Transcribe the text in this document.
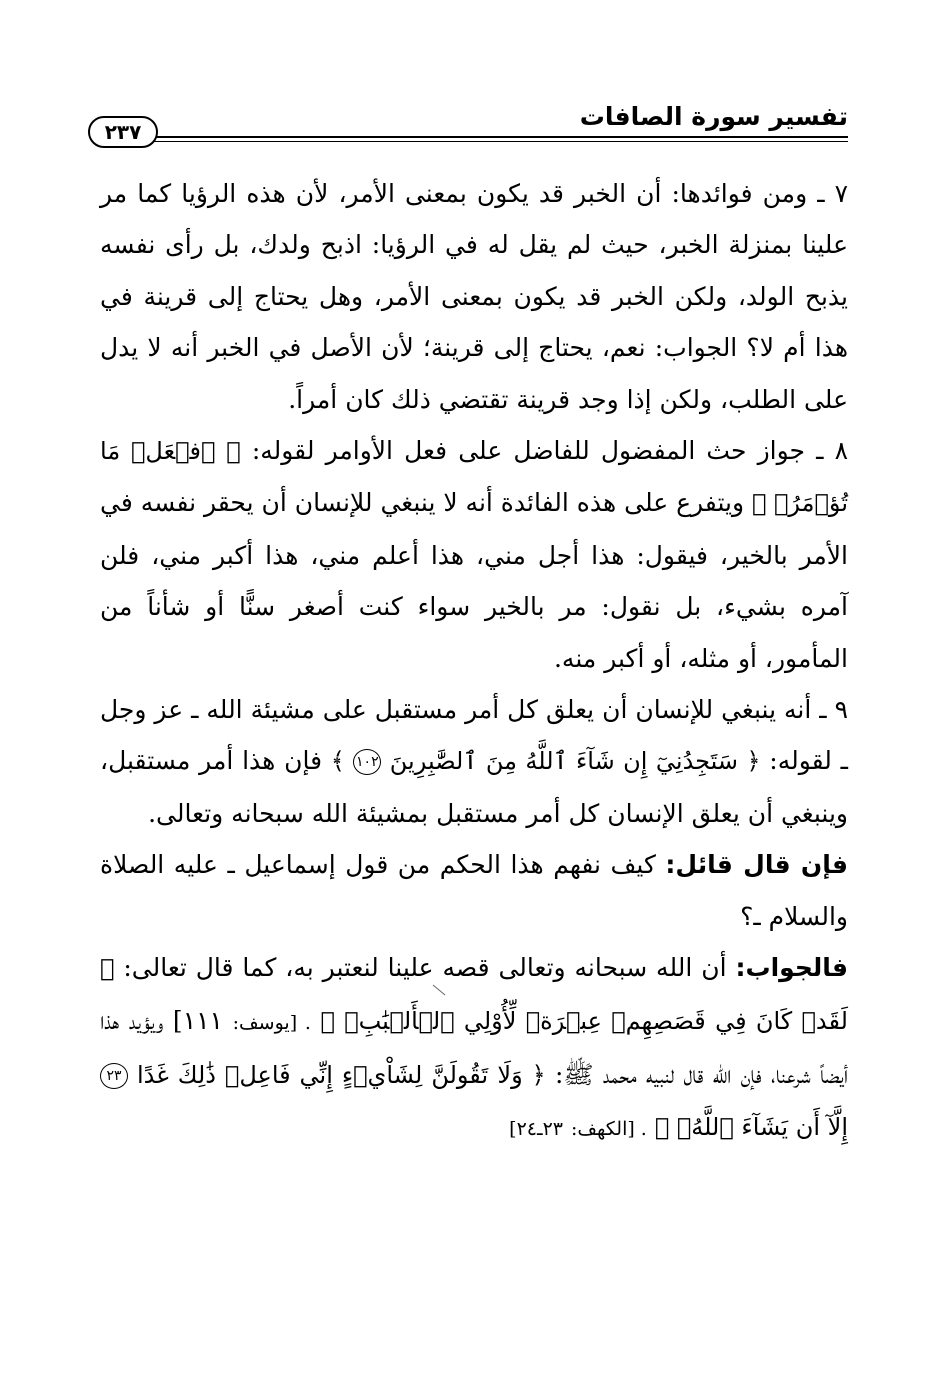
تفسير سورة الصافات
٢٣٧
٧ ـ ومن فوائدها: أن الخبر قد يكون بمعنى الأمر، لأن هذه الرؤيا كما مر علينا بمنزلة الخبر، حيث لم يقل له في الرؤيا: اذبح ولدك، بل رأى نفسه يذبح الولد، ولكن الخبر قد يكون بمعنى الأمر، وهل يحتاج إلى قرينة في هذا أم لا؟ الجواب: نعم، يحتاج إلى قرينة؛ لأن الأصل في الخبر أنه لا يدل على الطلب، ولكن إذا وجد قرينة تقتضي ذلك كان أمراً.
٨ ـ جواز حث المفضول للفاضل على فعل الأوامر لقوله: ﴿ ٱفۡعَلۡ مَا تُؤۡمَرُۖ ﴾ ويتفرع على هذه الفائدة أنه لا ينبغي للإنسان أن يحقر نفسه في الأمر بالخير، فيقول: هذا أجل مني، هذا أعلم مني، هذا أكبر مني، فلن آمره بشيء، بل نقول: مر بالخير سواء كنت أصغر سنًّا أو شأناً من المأمور، أو مثله، أو أكبر منه.
٩ ـ أنه ينبغي للإنسان أن يعلق كل أمر مستقبل على مشيئة الله ـ عز وجل ـ لقوله: ﴿ سَتَجِدُنِيٓ إِن شَآءَ ٱللَّهُ مِنَ ٱلصَّٰبِرِينَ ١٠٢ ﴾ فإن هذا أمر مستقبل، وينبغي أن يعلق الإنسان كل أمر مستقبل بمشيئة الله سبحانه وتعالى.
فإن قال قائل: كيف نفهم هذا الحكم من قول إسماعيل ـ عليه الصلاة والسلام ـ؟
فالجواب: أن الله سبحانه وتعالى قصه علينا لنعتبر به، كما قال تعالى: ﴿ لَقَدۡ كَانَ فِي قَصَصِهِمۡ عِبۡرَةٞ لِّأُوْلِي ٱلۡأَلۡبَٰبِۗ ﴾ . [يوسف: ١١١] ويؤيد هذا أيضاً شرعنا، فإن الله قال لنبيه محمد ﷺ: ﴿ وَلَا تَقُولَنَّ لِشَاْيۡءٍ إِنِّي فَاعِلٞ ذَٰلِكَ غَدًا ٢٣ إِلَّآ أَن يَشَآءَ ٱللَّهُۚ ﴾ . [الكهف: ٢٣ـ٢٤]
